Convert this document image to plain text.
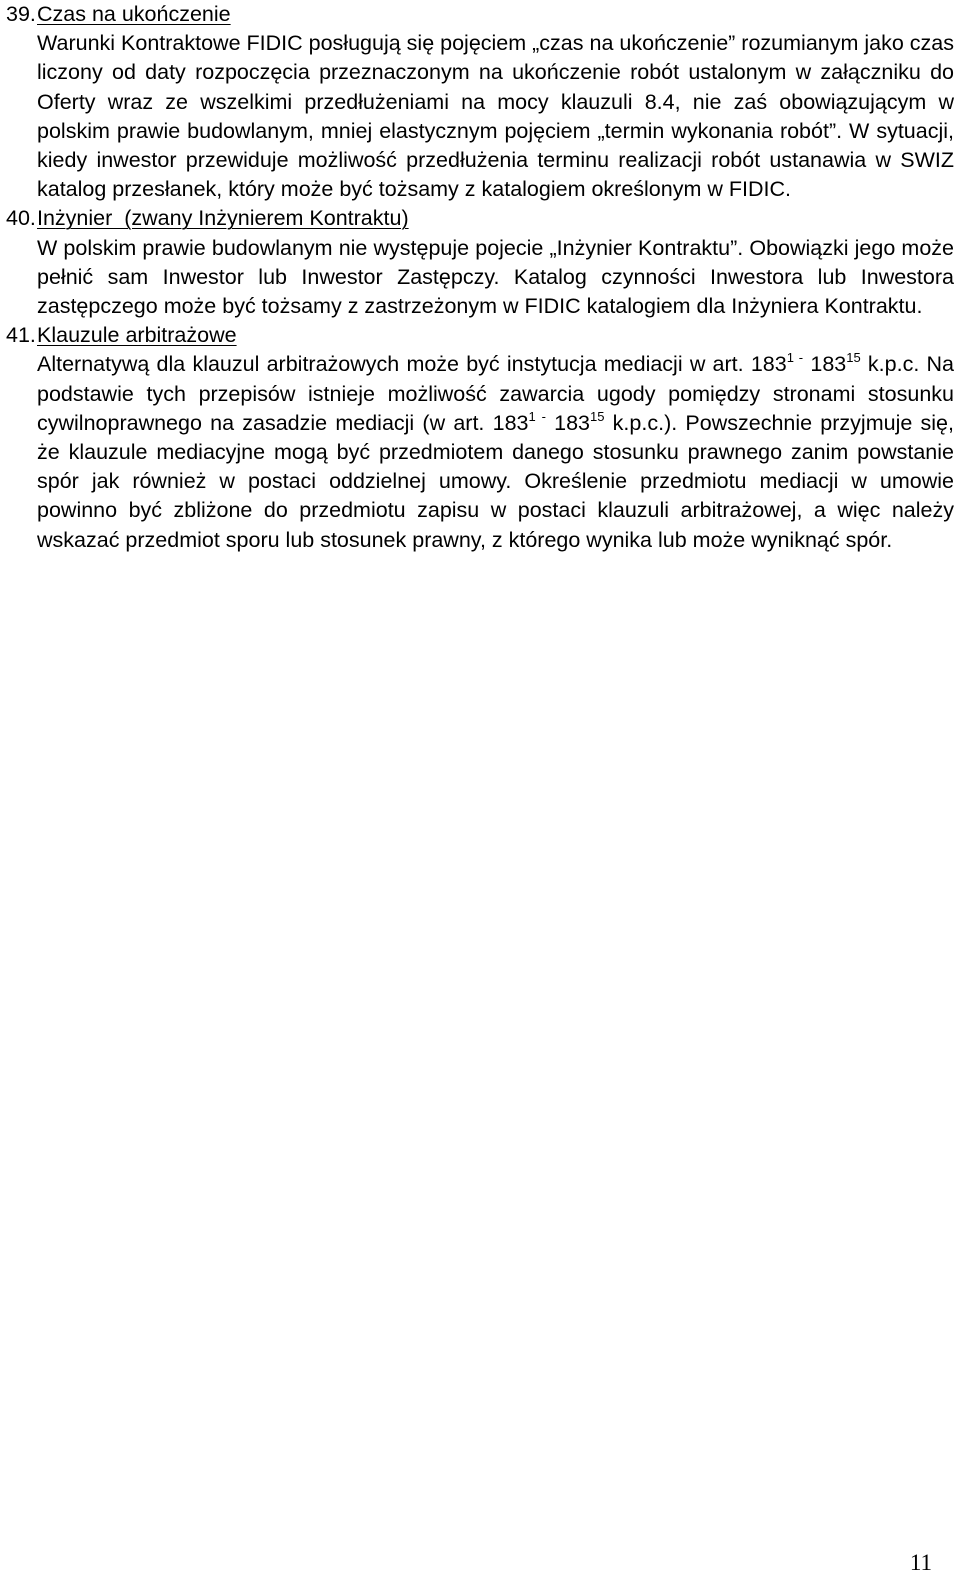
39.Czas na ukończenie

Warunki Kontraktowe FIDIC posługują się pojęciem „czas na ukończenie” rozumianym jako czas liczony od daty rozpoczęcia przeznaczonym na ukończenie robót ustalonym w załączniku do Oferty wraz ze wszelkimi przedłużeniami na mocy klauzuli 8.4, nie zaś obowiązującym w polskim prawie budowlanym, mniej elastycznym pojęciem „termin wykonania robót”. W sytuacji, kiedy inwestor przewiduje możliwość przedłużenia terminu realizacji robót ustanawia w SWIZ katalog przesłanek, który może być tożsamy z katalogiem określonym w FIDIC.

40.Inżynier  (zwany Inżynierem Kontraktu)

W polskim prawie budowlanym nie występuje pojecie „Inżynier Kontraktu”. Obowiązki jego może pełnić sam Inwestor lub Inwestor Zastępczy. Katalog czynności Inwestora lub Inwestora zastępczego może być tożsamy z zastrzeżonym w FIDIC katalogiem dla Inżyniera Kontraktu.

41.Klauzule arbitrażowe

Alternatywą dla klauzul arbitrażowych może być instytucja mediacji w art. $183^{1 -}$ $183^{15}$ k.p.c. Na podstawie tych przepisów istnieje możliwość zawarcia ugody pomiędzy stronami stosunku cywilnoprawnego na zasadzie mediacji (w art. $183^{1 -}$ $183^{15}$ k.p.c.). Powszechnie przyjmuje się, że klauzule mediacyjne mogą być przedmiotem danego stosunku prawnego zanim powstanie spór jak również w postaci oddzielnej umowy. Określenie przedmiotu mediacji w umowie powinno być zbliżone do przedmiotu zapisu w postaci klauzuli arbitrażowej, a więc należy wskazać przedmiot sporu lub stosunek prawny, z którego wynika lub może wyniknąć spór.

11
